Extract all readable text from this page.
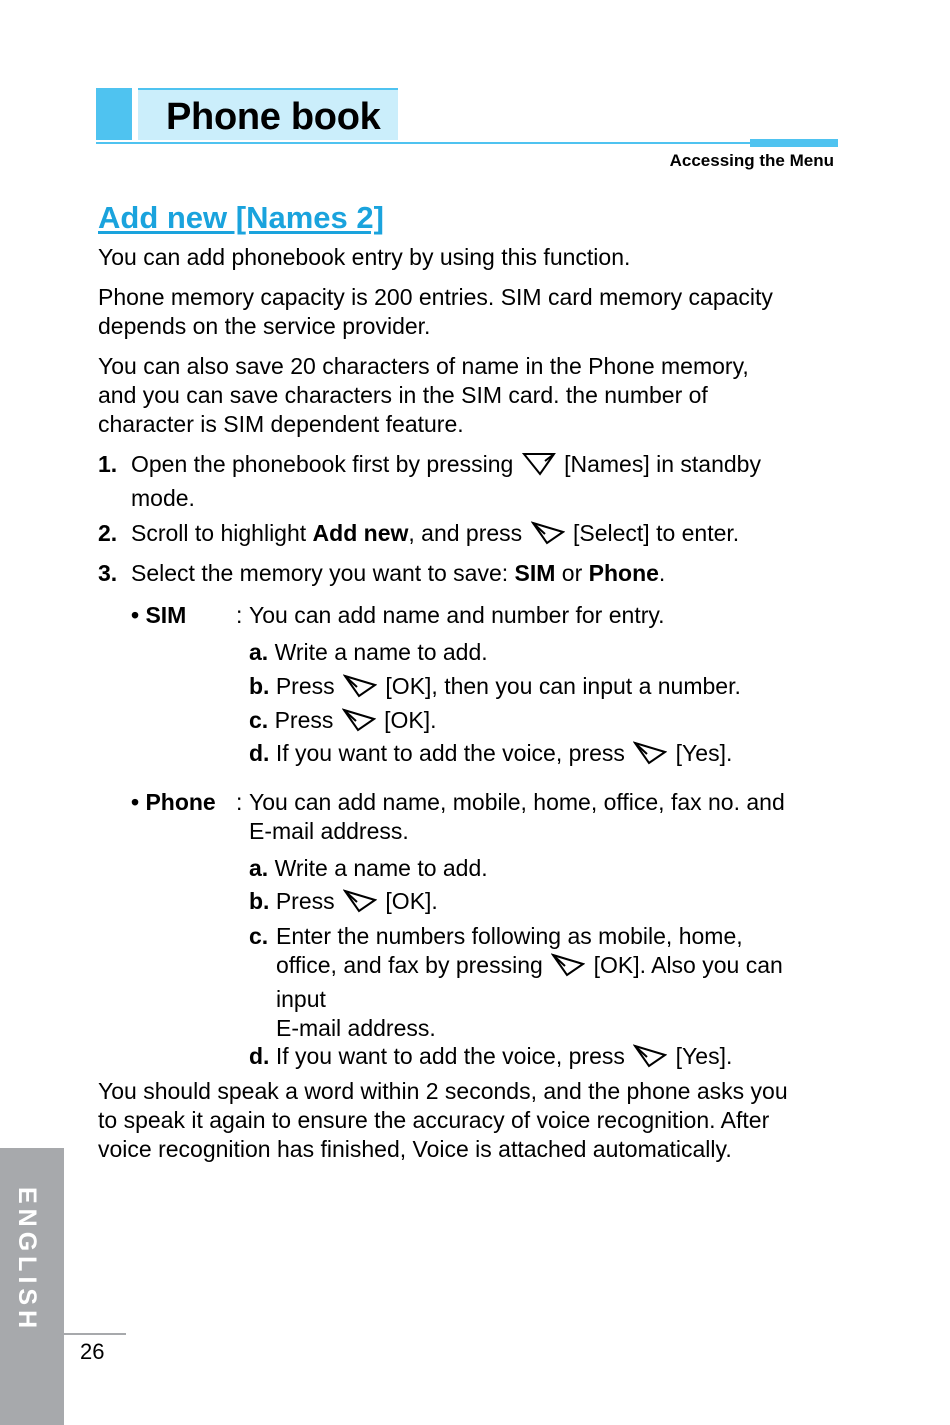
Phone book
Accessing the Menu
Add new [Names 2]
You can add phonebook entry by using this function.
Phone memory capacity is 200 entries. SIM card memory capacity
depends on the service provider.
You can also save 20 characters of name in the Phone memory,
and you can save characters in the SIM card. the number of
character is SIM dependent feature.
1. Open the phonebook first by pressing [Names] in standby
mode.
2. Scroll to highlight Add new, and press [Select] to enter.
3. Select the memory you want to save: SIM or Phone.
• SIM : You can add name and number for entry.
a. Write a name to add.
b. Press [OK], then you can input a number.
c. Press [OK].
d. If you want to add the voice, press [Yes].
• Phone : You can add name, mobile, home, office, fax no. and
E-mail address.
a. Write a name to add.
b. Press [OK].
c. Enter the numbers following as mobile, home,
office, and fax by pressing [OK]. Also you can
input
E-mail address.
d. If you want to add the voice, press [Yes].
You should speak a word within 2 seconds, and the phone asks you
to speak it again to ensure the accuracy of voice recognition. After
voice recognition has finished, Voice is attached automatically.
ENGLISH
26
